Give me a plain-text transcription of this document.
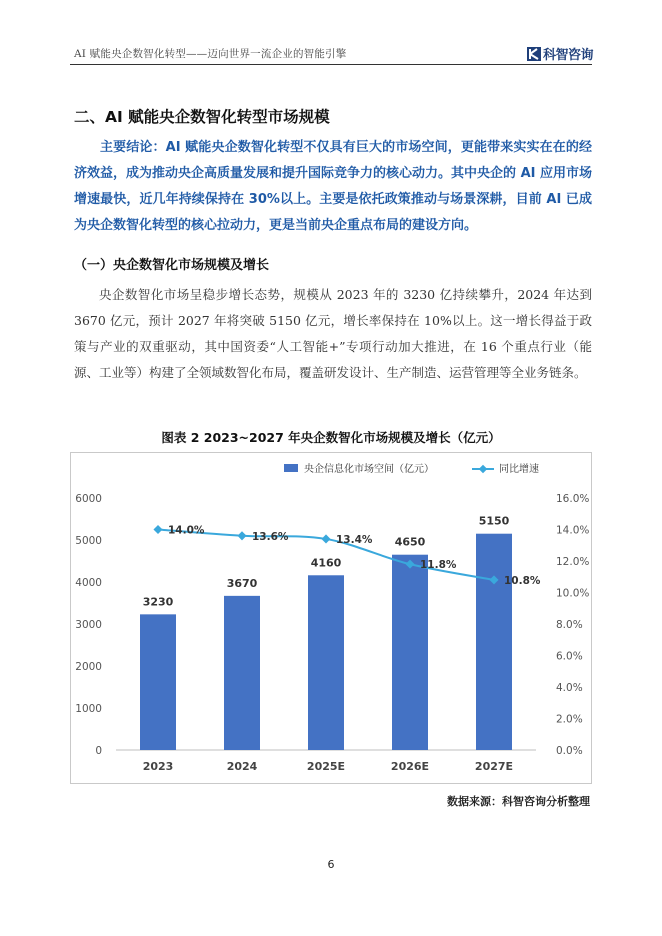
AI 赋能央企数智化转型——迈向世界一流企业的智能引擎	科智咨询
二、AI 赋能央企数智化转型市场规模
主要结论：AI 赋能央企数智化转型不仅具有巨大的市场空间，更能带来实实在在的经济效益，成为推动央企高质量发展和提升国际竞争力的核心动力。其中央企的 AI 应用市场增速最快，近几年持续保持在 30%以上。主要是依托政策推动与场景深耕，目前 AI 已成为央企数智化转型的核心拉动力，更是当前央企重点布局的建设方向。
（一）央企数智化市场规模及增长
央企数智化市场呈稳步增长态势，规模从 2023 年的 3230 亿持续攀升，2024 年达到 3670 亿元，预计 2027 年将突破 5150 亿元，增长率保持在 10%以上。这一增长得益于政策与产业的双重驱动，其中国资委“人工智能+”专项行动加大推进，在 16 个重点行业（能源、工业等）构建了全领域数智化布局，覆盖研发设计、生产制造、运营管理等全业务链条。
图表 2 2023~2027 年央企数智化市场规模及增长（亿元）
0
1000
2000
3000
4000
5000
6000
0.0%
2.0%
4.0%
6.0%
8.0%
10.0%
12.0%
14.0%
16.0%
3230
3670
4160
4650
5150
2023	2024	2025E	2026E	2027E
14.0%
13.6%	13.4%
11.8%
10.8%
央企信息化市场空间（亿元）	同比增速
数据来源：科智咨询分析整理
6
